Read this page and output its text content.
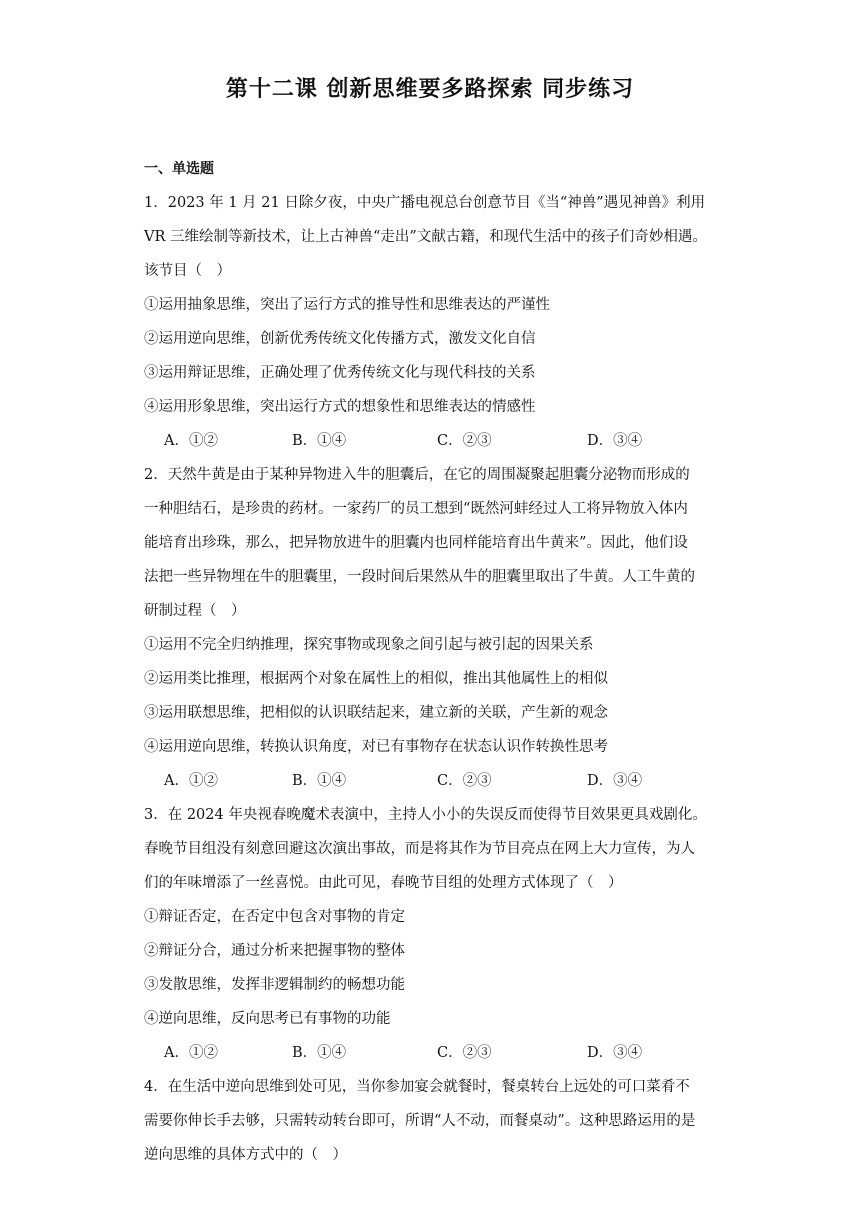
第十二课 创新思维要多路探索 同步练习
一、单选题
1．2023 年 1 月 21 日除夕夜，中央广播电视总台创意节目《当“神兽”遇见神兽》利用
VR 三维绘制等新技术，让上古神兽“走出”文献古籍，和现代生活中的孩子们奇妙相遇。
该节目（　）
①运用抽象思维，突出了运行方式的推导性和思维表达的严谨性
②运用逆向思维，创新优秀传统文化传播方式，激发文化自信
③运用辩证思维，正确处理了优秀传统文化与现代科技的关系
④运用形象思维，突出运行方式的想象性和思维表达的情感性
A．①②	B．①④	C．②③	D．③④
2．天然牛黄是由于某种异物进入牛的胆囊后，在它的周围凝聚起胆囊分泌物而形成的
一种胆结石，是珍贵的药材。一家药厂的员工想到“既然河蚌经过人工将异物放入体内
能培育出珍珠，那么，把异物放进牛的胆囊内也同样能培育出牛黄来”。因此，他们设
法把一些异物埋在牛的胆囊里，一段时间后果然从牛的胆囊里取出了牛黄。人工牛黄的
研制过程（　）
①运用不完全归纳推理，探究事物或现象之间引起与被引起的因果关系
②运用类比推理，根据两个对象在属性上的相似，推出其他属性上的相似
③运用联想思维，把相似的认识联结起来，建立新的关联，产生新的观念
④运用逆向思维，转换认识角度，对已有事物存在状态认识作转换性思考
A．①②	B．①④	C．②③	D．③④
3．在 2024 年央视春晚魔术表演中，主持人小小的失误反而使得节目效果更具戏剧化。
春晚节目组没有刻意回避这次演出事故，而是将其作为节目亮点在网上大力宣传，为人
们的年味增添了一丝喜悦。由此可见，春晚节目组的处理方式体现了（　）
①辩证否定，在否定中包含对事物的肯定
②辩证分合，通过分析来把握事物的整体
③发散思维，发挥非逻辑制约的畅想功能
④逆向思维，反向思考已有事物的功能
A．①②	B．①④	C．②③	D．③④
4．在生活中逆向思维到处可见，当你参加宴会就餐时，餐桌转台上远处的可口菜肴不
需要你伸长手去够，只需转动转台即可，所谓“人不动，而餐桌动”。这种思路运用的是
逆向思维的具体方式中的（　）
